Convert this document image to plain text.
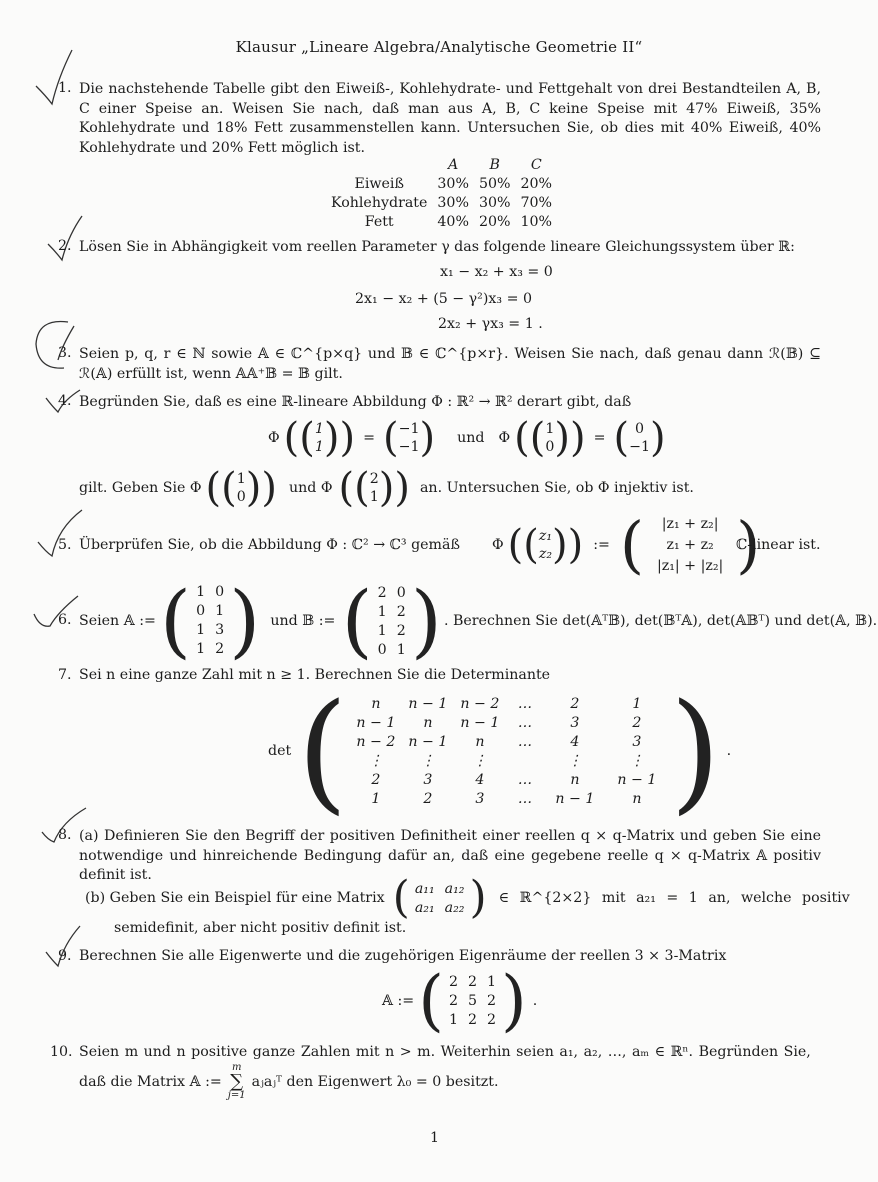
Klausur „Lineare Algebra/Analytische Geometrie II“
1. Die nachstehende Tabelle gibt den Eiweiß-, Kohlehydrate- und Fettgehalt von drei Bestandteilen A, B, C einer Speise an. Weisen Sie nach, daß man aus A, B, C keine Speise mit 47% Eiweiß, 35% Kohlehydrate und 18% Fett zusammenstellen kann. Untersuchen Sie, ob dies mit 40% Eiweiß, 40% Kohlehydrate und 20% Fett möglich ist.
	A	B	C
Eiweiß	30%	50%	20%
Kohlehydrate	30%	30%	70%
Fett	40%	20%	10%
2. Lösen Sie in Abhängigkeit vom reellen Parameter γ das folgende lineare Gleichungssystem über ℝ:
x₁ − x₂ + x₃ = 0
2x₁ − x₂ + (5 − γ²)x₃ = 0
2x₂ + γx₃ = 1 .
3. Seien p, q, r ∈ ℕ sowie 𝔸 ∈ ℂ^{p×q} und 𝔹 ∈ ℂ^{p×r}. Weisen Sie nach, daß genau dann ℛ(𝔹) ⊆ ℛ(𝔸) erfüllt ist, wenn 𝔸𝔸⁺𝔹 = 𝔹 gilt.
4. Begründen Sie, daß es eine ℝ-lineare Abbildung Φ : ℝ² → ℝ² derart gibt, daß
Φ (( 1
1 )) = ( −1
−1 ) und Φ (( 1
0 )) = ( 0
−1 )
gilt. Geben Sie Φ (( 1
0 )) und Φ (( 2
1 )) an. Untersuchen Sie, ob Φ injektiv ist.
5. Überprüfen Sie, ob die Abbildung Φ : ℂ² → ℂ³ gemäß Φ (( z₁
z₂ )) := (	|z₁ + z₂|
z₁ + z₂
|z₁| + |z₂| )
ℂ-linear ist.
6. Seien 𝔸 := ( 1	0
0	1
1	3
1	2 ) und 𝔹 := ( 2	0
1	2
1	2
0	1 ) . Berechnen Sie det(𝔸ᵀ𝔹), det(𝔹ᵀ𝔸), det(𝔸𝔹ᵀ) und det(𝔸, 𝔹).
7. Sei n eine ganze Zahl mit n ≥ 1. Berechnen Sie die Determinante
det ( n	n − 1	n − 2	…	2	1
n − 1	n	n − 1	…	3	2
n − 2	n − 1	n	…	4	3
⋮	⋮	⋮		⋮	⋮
2	3	4	…	n	n − 1
1	2	3	…	n − 1	n ) .
8. (a) Definieren Sie den Begriff der positiven Definitheit einer reellen q × q-Matrix und geben Sie eine notwendige und hinreichende Bedingung dafür an, daß eine gegebene reelle q × q-Matrix 𝔸 positiv definit ist.
(b) Geben Sie ein Beispiel für eine Matrix ( a₁₁	a₁₂
a₂₁	a₂₂ ) ∈ ℝ^{2×2} mit a₂₁ = 1 an, welche positiv
semidefinit, aber nicht positiv definit ist.
9. Berechnen Sie alle Eigenwerte und die zugehörigen Eigenräume der reellen 3 × 3-Matrix
𝔸 := ( 2	2	1
2	5	2
1	2	2 ) .
10. Seien m und n positive ganze Zahlen mit n > m. Weiterhin seien a₁, a₂, …, aₘ ∈ ℝⁿ. Begründen Sie,
daß die Matrix 𝔸 :=
m
∑
j=1
aⱼaⱼᵀ den Eigenwert λ₀ = 0 besitzt.
1
